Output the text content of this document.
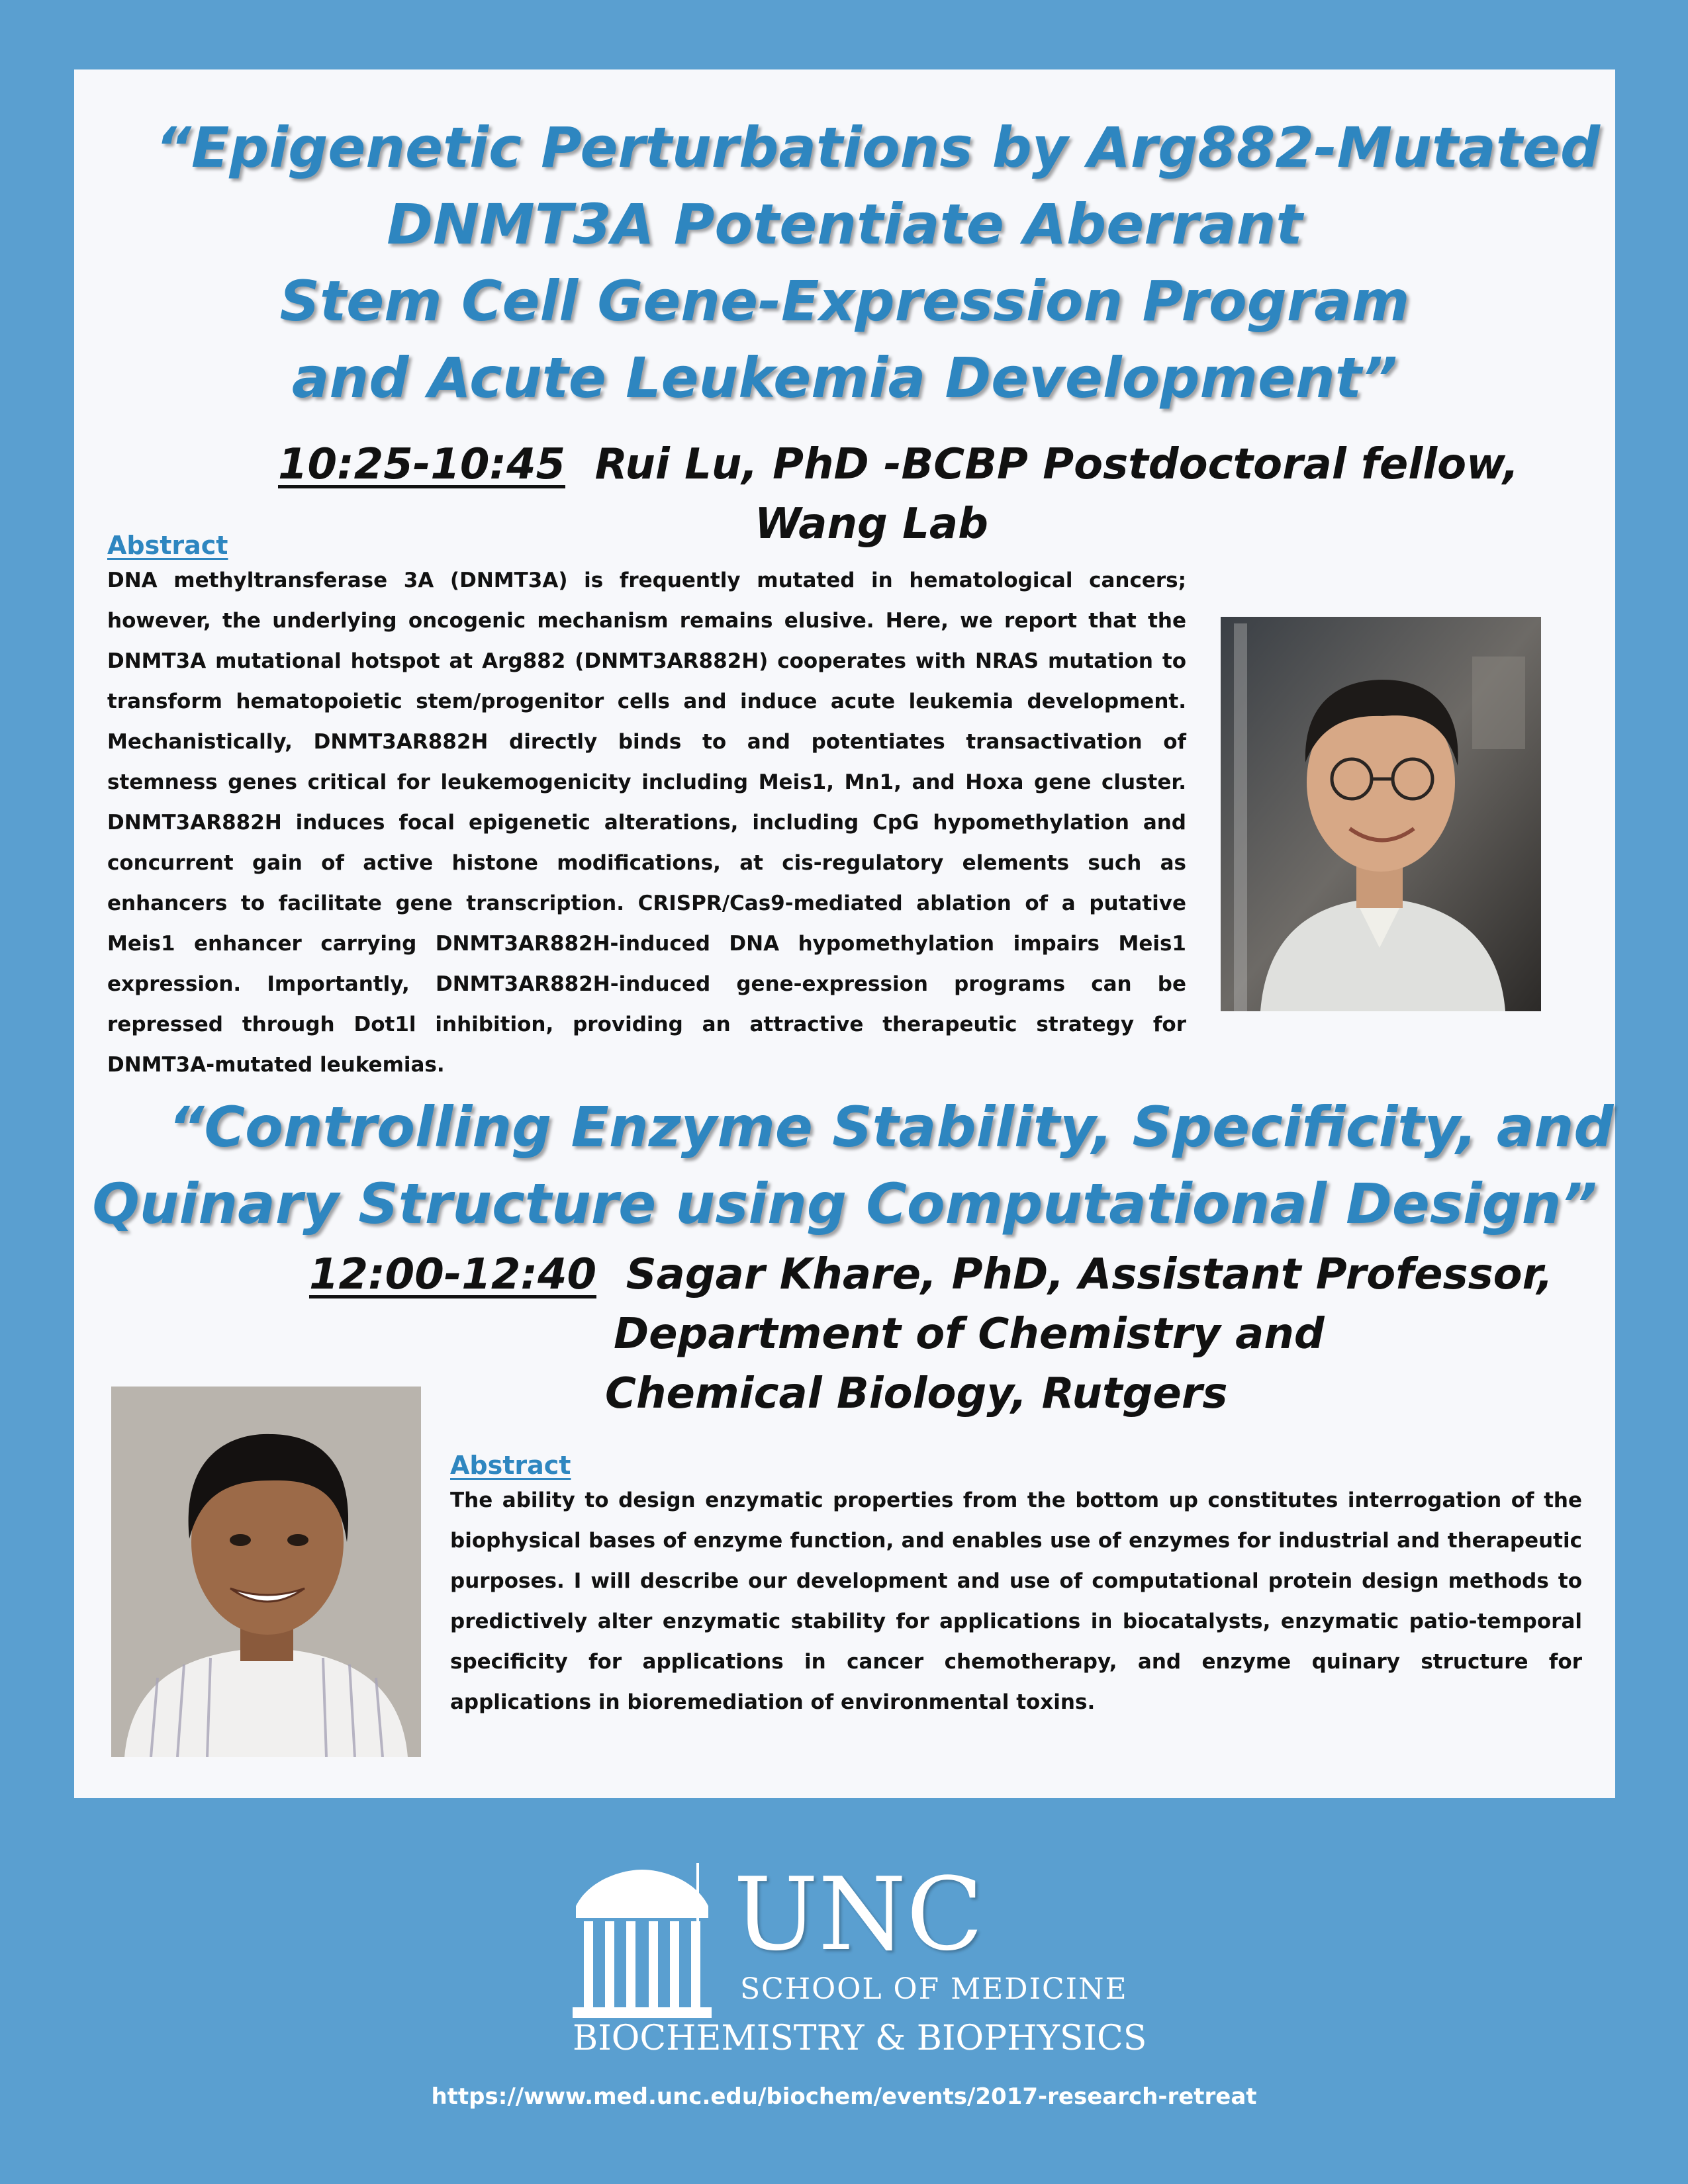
“Epigenetic Perturbations by Arg882-Mutated
DNMT3A Potentiate Aberrant
Stem Cell Gene-Expression Program
and Acute Leukemia Development”
10:25-10:45 Rui Lu, PhD -BCBP Postdoctoral fellow,
Wang Lab
Abstract

DNA methyltransferase 3A (DNMT3A) is frequently mutated in hematological cancers; however, the underlying oncogenic mechanism remains elusive. Here, we report that the DNMT3A mutational hotspot at Arg882 (DNMT3AR882H) cooperates with NRAS mutation to transform hematopoietic stem/progenitor cells and induce acute leukemia development. Mechanistically, DNMT3AR882H directly binds to and potentiates transactivation of stemness genes critical for leukemogenicity including Meis1, Mn1, and Hoxa gene cluster. DNMT3AR882H induces focal epigenetic alterations, including CpG hypomethylation and concurrent gain of active histone modifications, at cis-regulatory elements such as enhancers to facilitate gene transcription. CRISPR/Cas9-mediated ablation of a putative Meis1 enhancer carrying DNMT3AR882H-induced DNA hypomethylation impairs Meis1 expression. Importantly, DNMT3AR882H-induced gene-expression programs can be repressed through Dot1l inhibition, providing an attractive therapeutic strategy for DNMT3A-mutated leukemias.

“Controlling Enzyme Stability, Specificity, and
Quinary Structure using Computational Design”
12:00-12:40 Sagar Khare, PhD, Assistant Professor,
Department of Chemistry and
Chemical Biology, Rutgers
Abstract

The ability to design enzymatic properties from the bottom up constitutes interrogation of the biophysical bases of enzyme function, and enables use of enzymes for industrial and therapeutic purposes. I will describe our development and use of computational protein design methods to predictively alter enzymatic stability for applications in biocatalysts, enzymatic patio-temporal specificity for applications in cancer chemotherapy, and enzyme quinary structure for applications in bioremediation of environmental toxins.

UNC
SCHOOL OF MEDICINE
BIOCHEMISTRY & BIOPHYSICS
https://www.med.unc.edu/biochem/events/2017-research-retreat
